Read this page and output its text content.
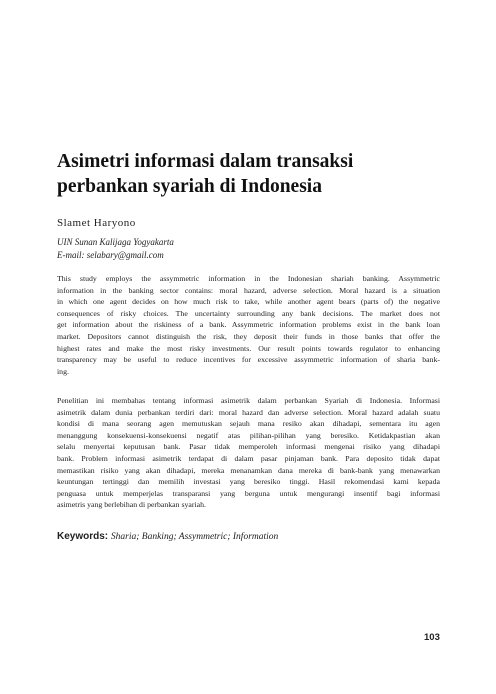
Asimetri informasi dalam transaksi
perbankan syariah di Indonesia
Slamet Haryono
UIN Sunan Kalijaga Yogyakarta
E-mail: selabary@gmail.com
This study employs the assymmetric information in the Indonesian shariah banking. Assymmetric
information in the banking sector contains: moral hazard, adverse selection. Moral hazard is a situation
in which one agent decides on how much risk to take, while another agent bears (parts of) the negative
consequences of risky choices. The uncertainty surrounding any bank decisions. The market does not
get information about the riskiness of a bank. Assymmetric information problems exist in the bank loan
market. Depositors cannot distinguish the risk, they deposit their funds in those banks that offer the
highest rates and make the most risky investments. Our result points towards regulator to enhancing
transparency may be useful to reduce incentives for excessive assymmetric information of sharia bank-
ing.
Penelitian ini membahas tentang informasi asimetrik dalam perbankan Syariah di Indonesia. Informasi
asimetrik dalam dunia perbankan terdiri dari: moral hazard dan adverse selection. Moral hazard adalah suatu
kondisi di mana seorang agen memutuskan sejauh mana resiko akan dihadapi, sementara itu agen
menanggung konsekuensi-konsekuensi negatif atas pilihan-pilihan yang beresiko. Ketidakpastian akan
selalu menyertai keputusan bank. Pasar tidak memperoleh informasi mengenai risiko yang dihadapi
bank. Problem informasi asimetrik terdapat di dalam pasar pinjaman bank. Para deposito tidak dapat
memastikan risiko yang akan dihadapi, mereka menanamkan dana mereka di bank-bank yang menawarkan
keuntungan tertinggi dan memilih investasi yang beresiko tinggi. Hasil rekomendasi kami kepada
penguasa untuk memperjelas transparansi yang berguna untuk mengurangi insentif bagi informasi
asimetris yang berlebihan di perbankan syariah.
Keywords: Sharia; Banking; Assymmetric; Information
103
